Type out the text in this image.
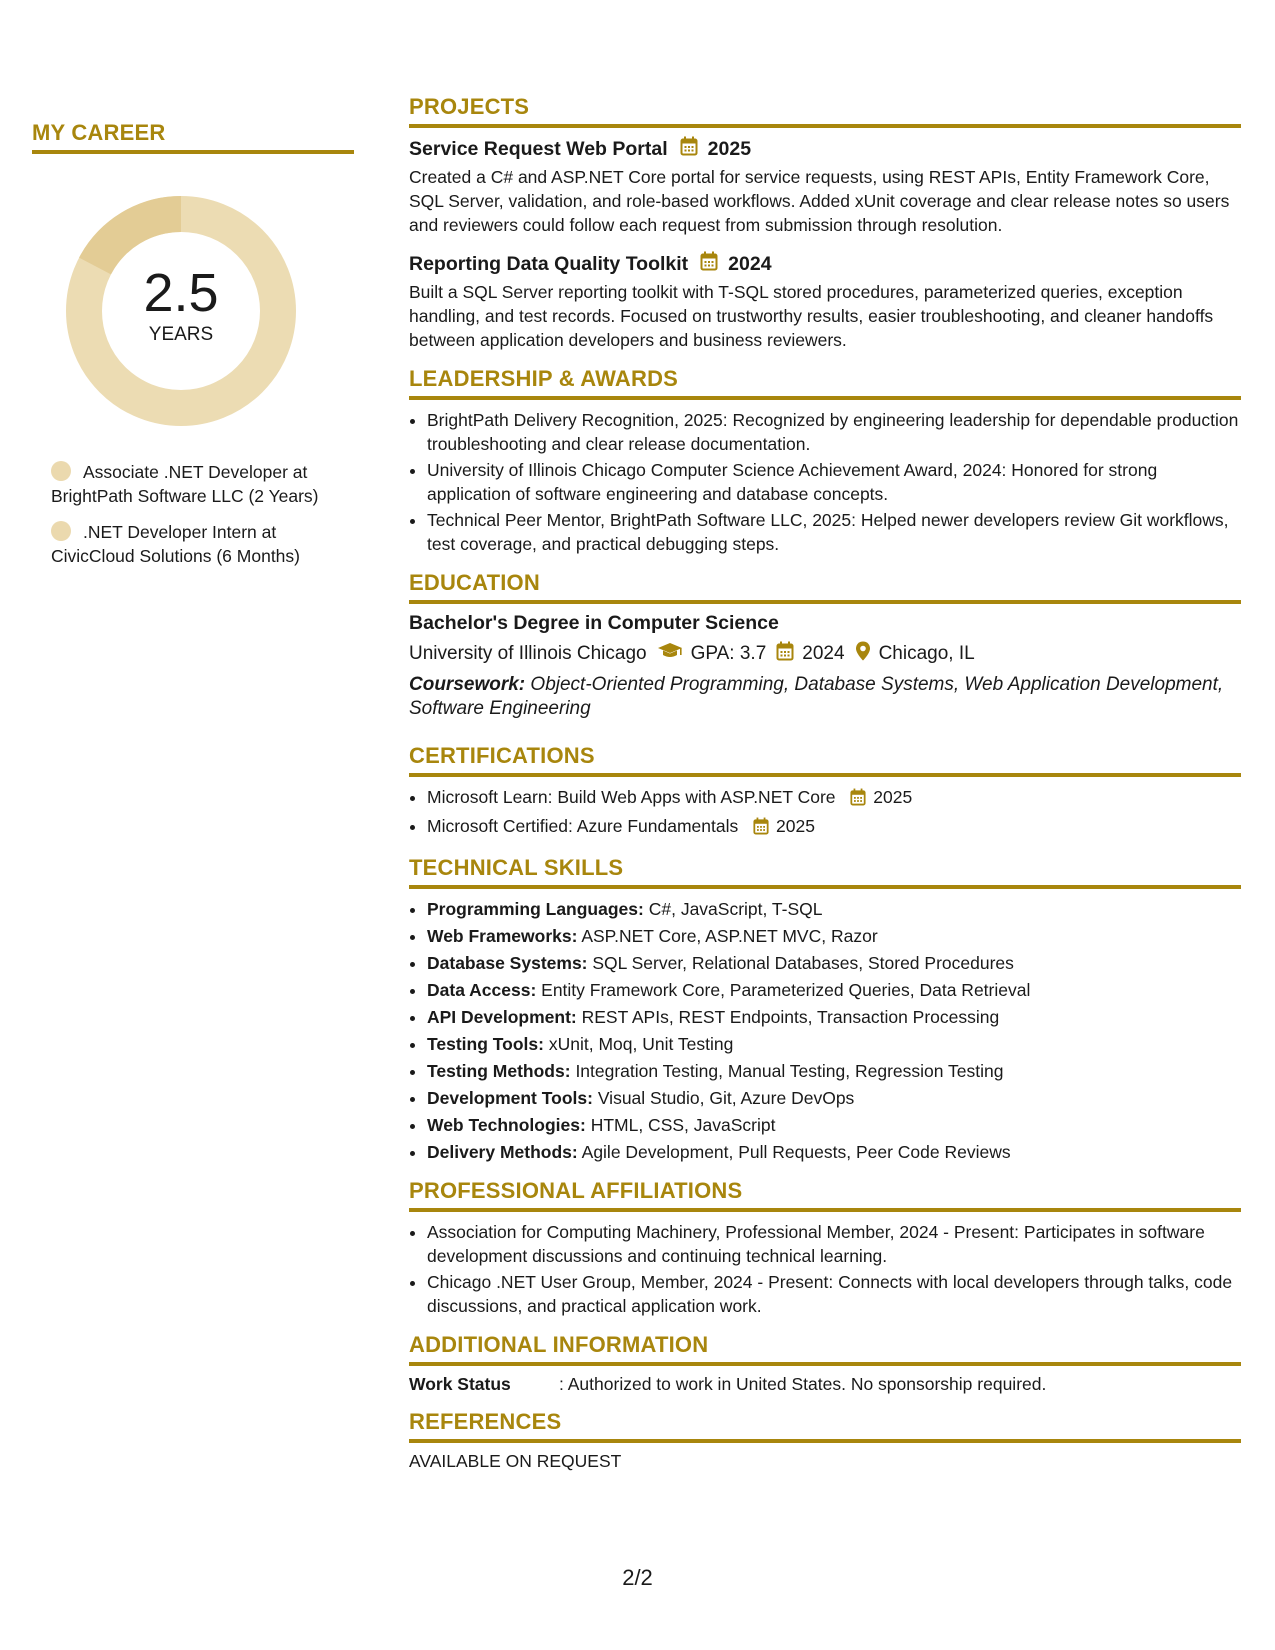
MY CAREER
2.5
YEARS
Associate .NET Developer at BrightPath Software LLC (2 Years)
.NET Developer Intern at CivicCloud Solutions (6 Months)
PROJECTS
Service Request Web Portal 2025
Created a C# and ASP.NET Core portal for service requests, using REST APIs, Entity Framework Core, SQL Server, validation, and role-based workflows. Added xUnit coverage and clear release notes so users and reviewers could follow each request from submission through resolution.
Reporting Data Quality Toolkit 2024
Built a SQL Server reporting toolkit with T-SQL stored procedures, parameterized queries, exception handling, and test records. Focused on trustworthy results, easier troubleshooting, and cleaner handoffs between application developers and business reviewers.
LEADERSHIP & AWARDS
• BrightPath Delivery Recognition, 2025: Recognized by engineering leadership for dependable production troubleshooting and clear release documentation.
• University of Illinois Chicago Computer Science Achievement Award, 2024: Honored for strong application of software engineering and database concepts.
• Technical Peer Mentor, BrightPath Software LLC, 2025: Helped newer developers review Git workflows, test coverage, and practical debugging steps.
EDUCATION
Bachelor's Degree in Computer Science
University of Illinois Chicago GPA: 3.7 2024 Chicago, IL
Coursework: Object-Oriented Programming, Database Systems, Web Application Development, Software Engineering
CERTIFICATIONS
• Microsoft Learn: Build Web Apps with ASP.NET Core 2025
• Microsoft Certified: Azure Fundamentals 2025
TECHNICAL SKILLS
• Programming Languages: C#, JavaScript, T-SQL
• Web Frameworks: ASP.NET Core, ASP.NET MVC, Razor
• Database Systems: SQL Server, Relational Databases, Stored Procedures
• Data Access: Entity Framework Core, Parameterized Queries, Data Retrieval
• API Development: REST APIs, REST Endpoints, Transaction Processing
• Testing Tools: xUnit, Moq, Unit Testing
• Testing Methods: Integration Testing, Manual Testing, Regression Testing
• Development Tools: Visual Studio, Git, Azure DevOps
• Web Technologies: HTML, CSS, JavaScript
• Delivery Methods: Agile Development, Pull Requests, Peer Code Reviews
PROFESSIONAL AFFILIATIONS
• Association for Computing Machinery, Professional Member, 2024 - Present: Participates in software development discussions and continuing technical learning.
• Chicago .NET User Group, Member, 2024 - Present: Connects with local developers through talks, code discussions, and practical application work.
ADDITIONAL INFORMATION
Work Status	: Authorized to work in United States. No sponsorship required.
REFERENCES
AVAILABLE ON REQUEST
2/2
